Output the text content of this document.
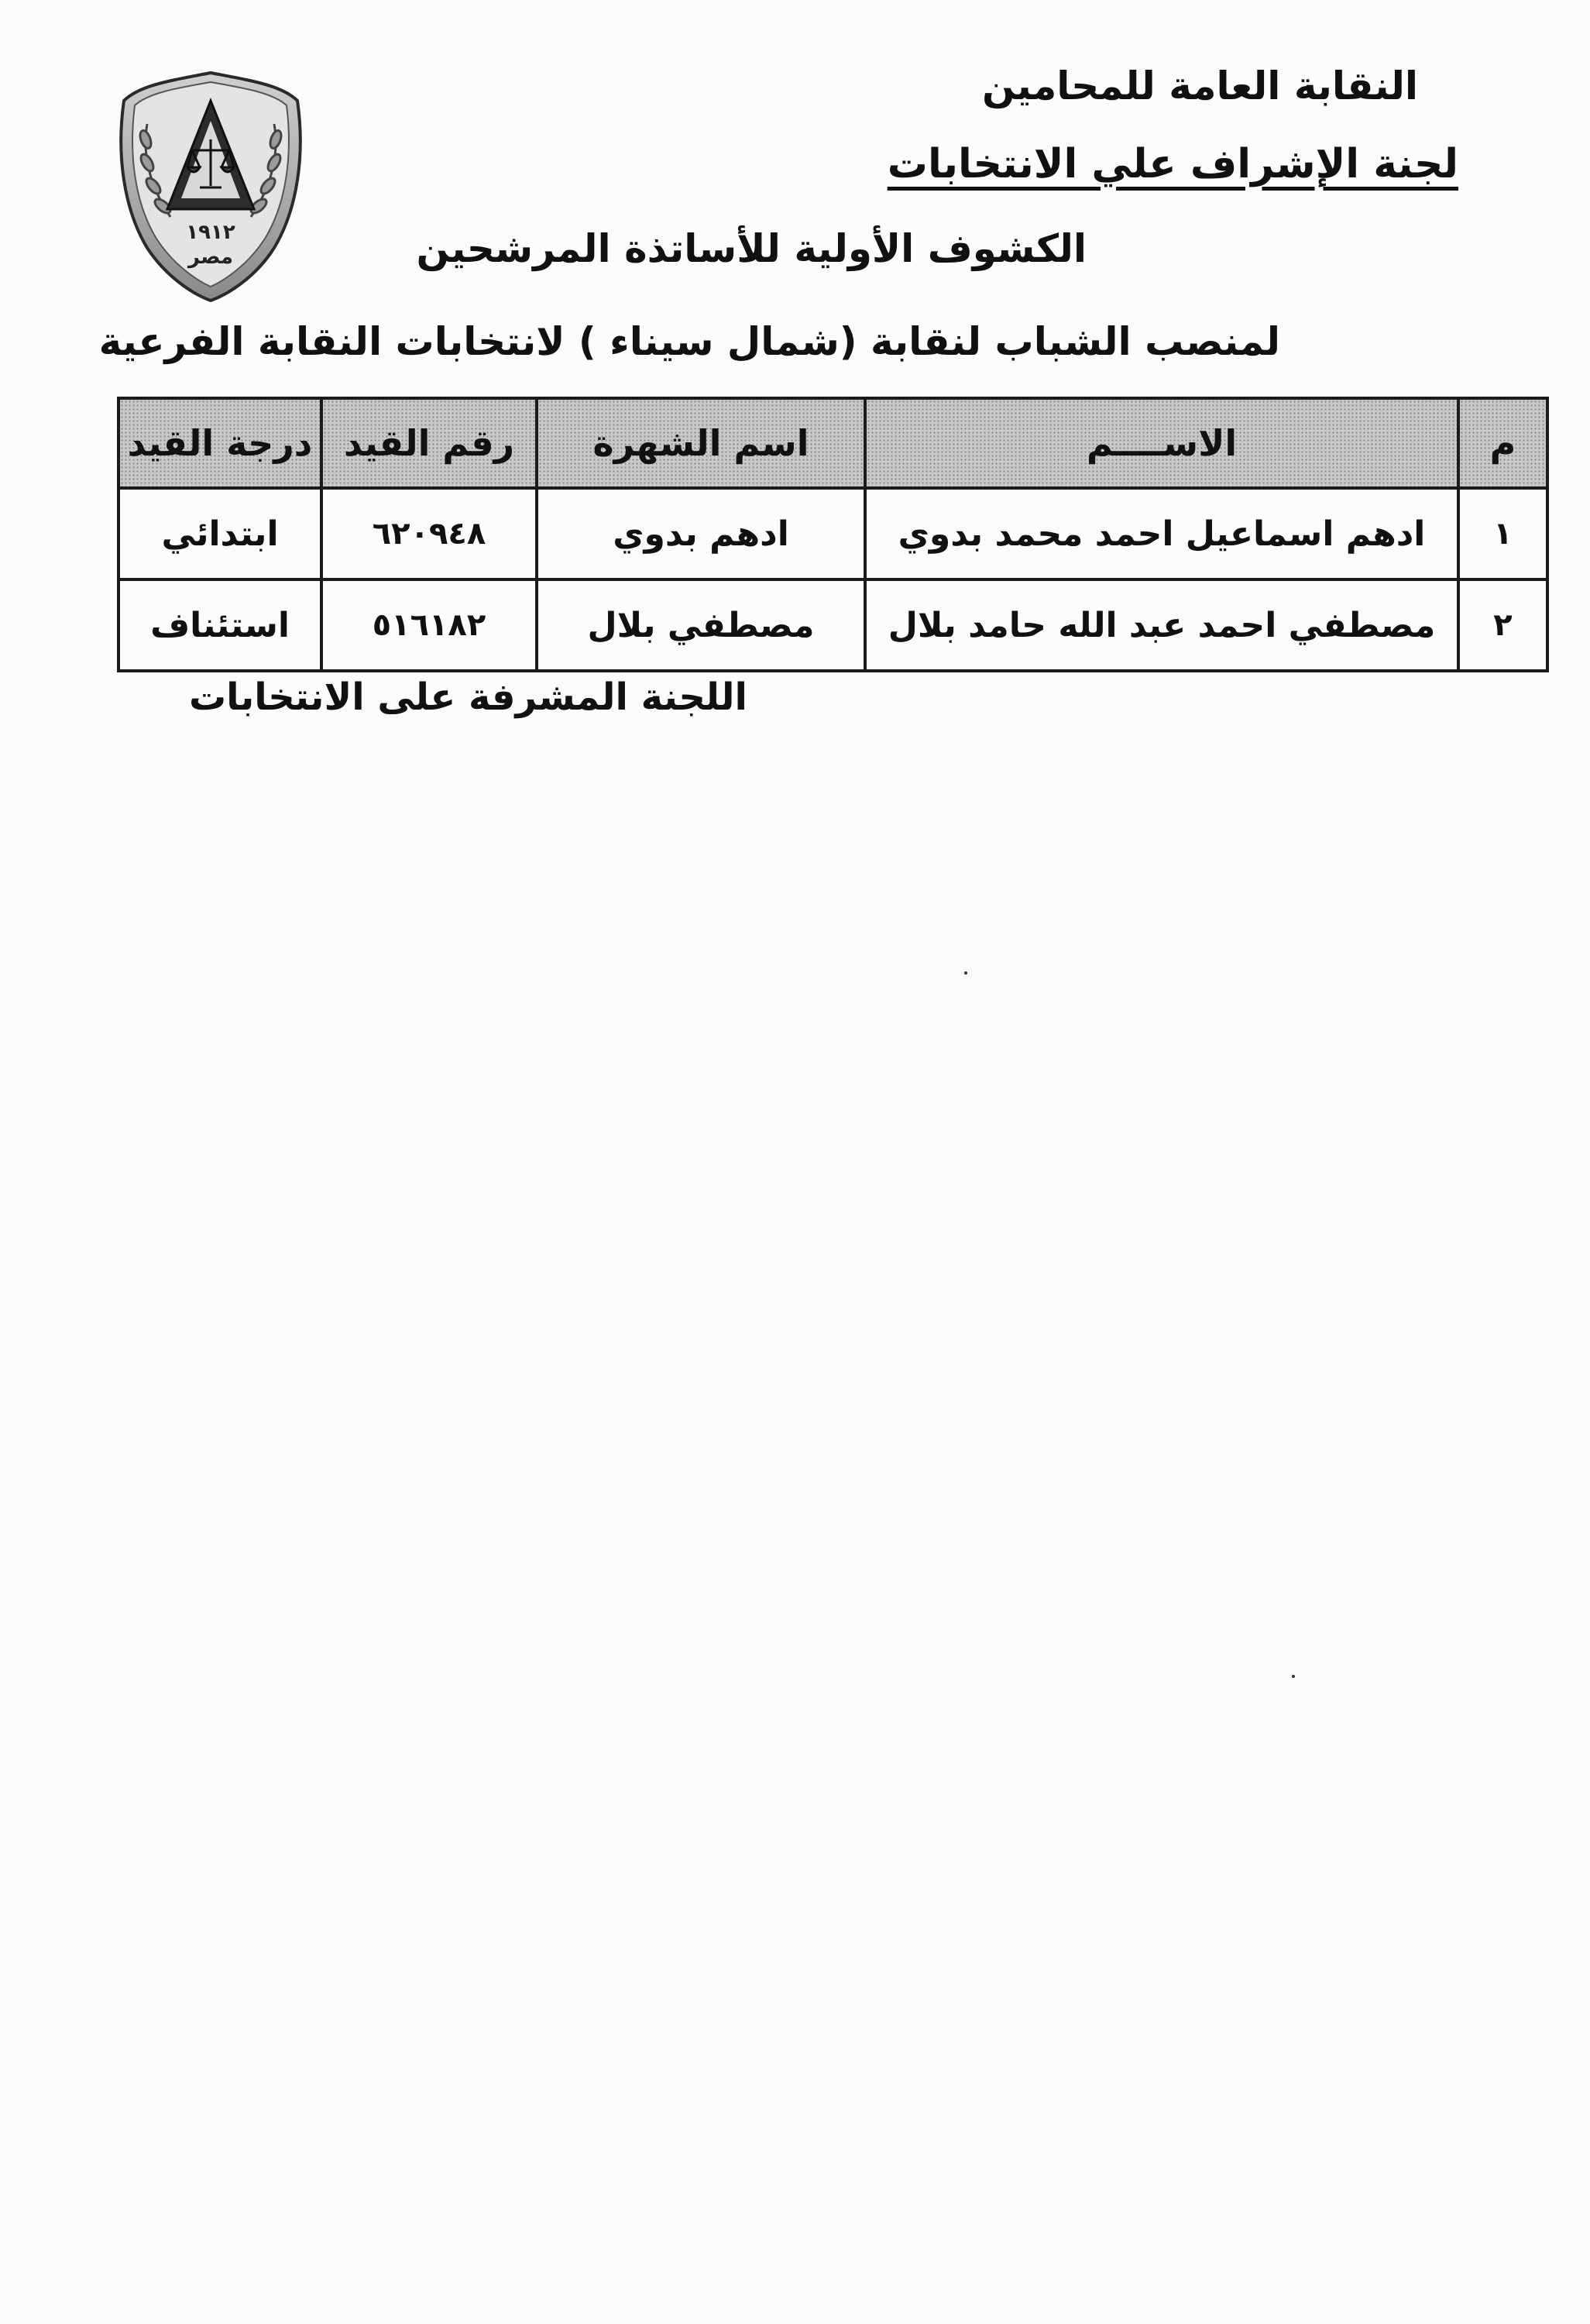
النقابة العامة للمحامين
لجنة الإشراف علي الانتخابات
الكشوف الأولية للأساتذة المرشحين
لمنصب الشباب لنقابة (شمال سيناء ) لانتخابات النقابة الفرعية
١٩١٢
مصر
م	الاســــم	اسم الشهرة	رقم القيد	درجة القيد
١	ادهم اسماعيل احمد محمد بدوي	ادهم بدوي	٦٢٠٩٤٨	ابتدائي
٢	مصطفي احمد عبد الله حامد بلال	مصطفي بلال	٥١٦١٨٢	استئناف
اللجنة المشرفة على الانتخابات
